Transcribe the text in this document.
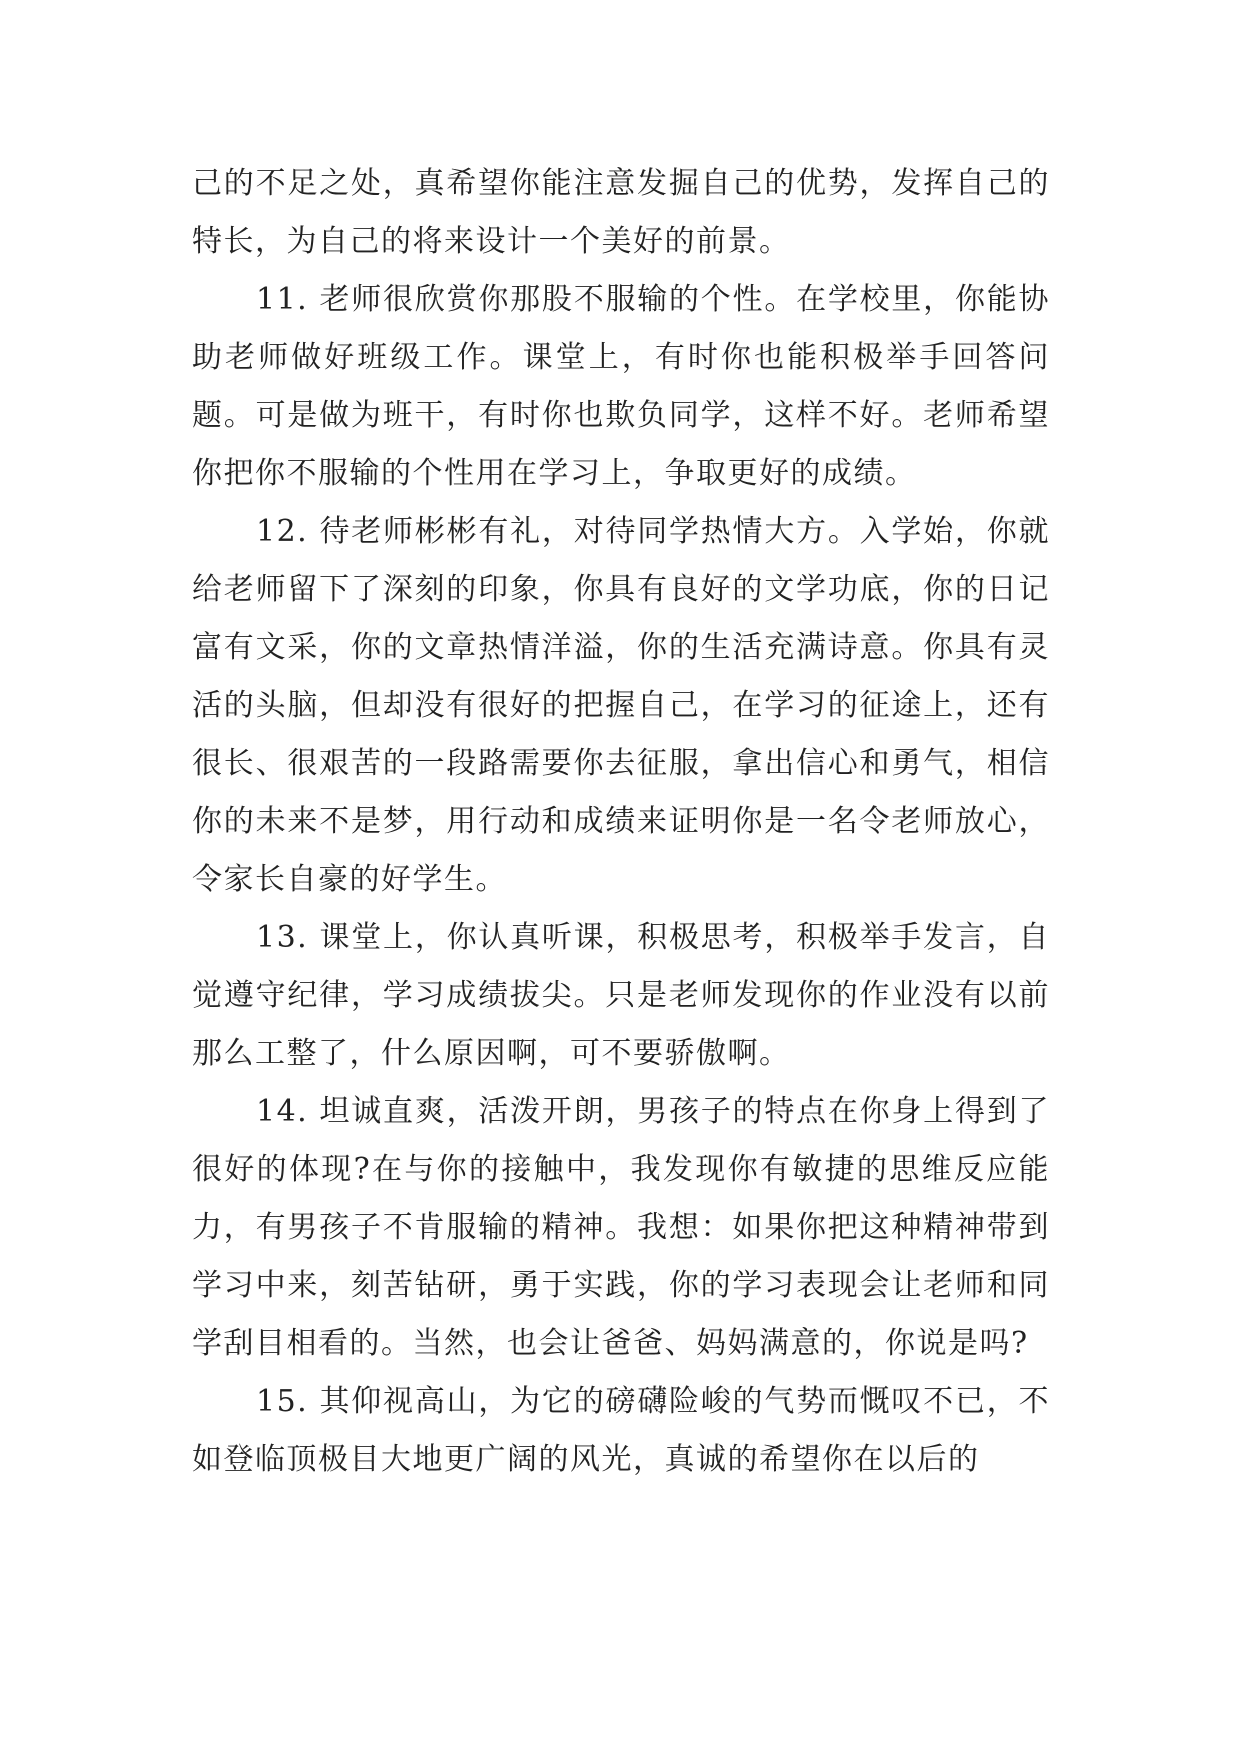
己的不足之处，真希望你能注意发掘自己的优势，发挥自己的特长，为自己的将来设计一个美好的前景。

11. 老师很欣赏你那股不服输的个性。在学校里，你能协助老师做好班级工作。课堂上，有时你也能积极举手回答问题。可是做为班干，有时你也欺负同学，这样不好。老师希望你把你不服输的个性用在学习上，争取更好的成绩。

12. 待老师彬彬有礼，对待同学热情大方。入学始，你就给老师留下了深刻的印象，你具有良好的文学功底，你的日记富有文采，你的文章热情洋溢，你的生活充满诗意。你具有灵活的头脑，但却没有很好的把握自己，在学习的征途上，还有很长、很艰苦的一段路需要你去征服，拿出信心和勇气，相信你的未来不是梦，用行动和成绩来证明你是一名令老师放心，令家长自豪的好学生。

13. 课堂上，你认真听课，积极思考，积极举手发言，自觉遵守纪律，学习成绩拔尖。只是老师发现你的作业没有以前那么工整了，什么原因啊，可不要骄傲啊。

14. 坦诚直爽，活泼开朗，男孩子的特点在你身上得到了很好的体现?在与你的接触中，我发现你有敏捷的思维反应能力，有男孩子不肯服输的精神。我想：如果你把这种精神带到学习中来，刻苦钻研，勇于实践，你的学习表现会让老师和同学刮目相看的。当然，也会让爸爸、妈妈满意的，你说是吗?

15. 其仰视高山，为它的磅礴险峻的气势而慨叹不已，不如登临顶极目大地更广阔的风光，真诚的希望你在以后的
